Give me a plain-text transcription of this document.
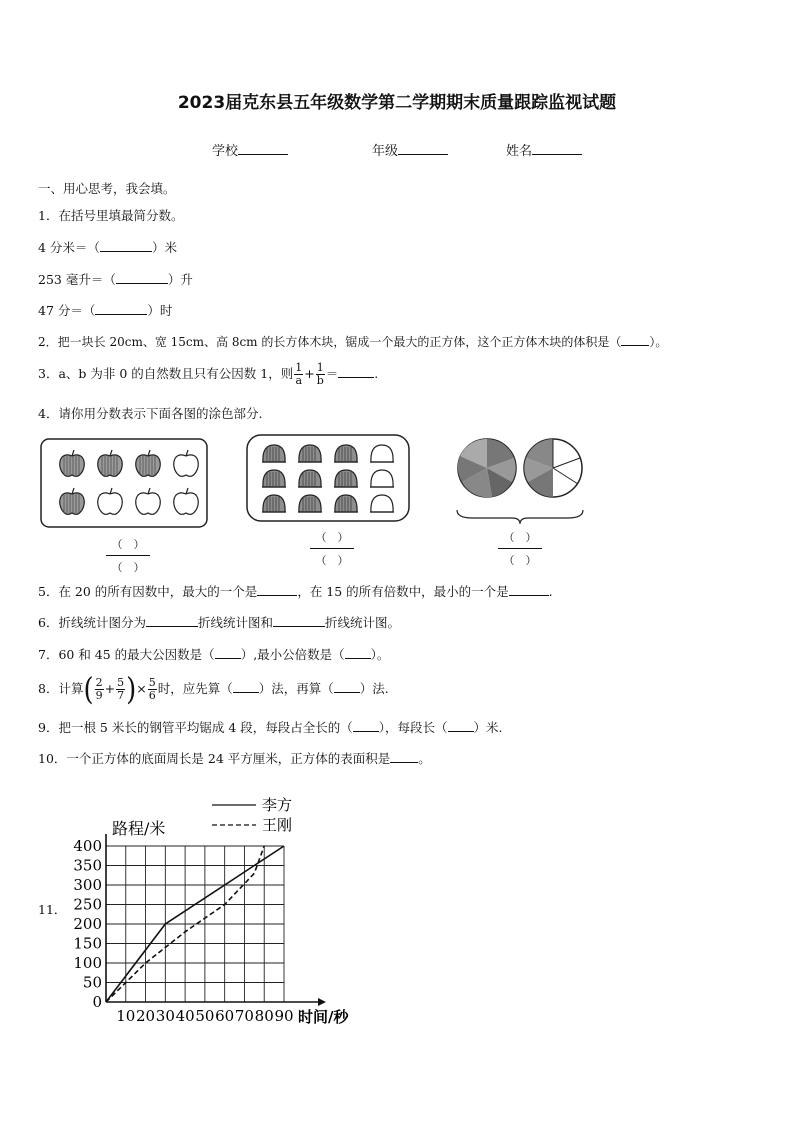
2023届克东县五年级数学第二学期期末质量跟踪监视试题
学校	年级	姓名
一、用心思考，我会填。
1．在括号里填最简分数。
4 分米＝（	）米
253 毫升＝（	）升
47 分＝（	）时
2．把一块长 20cm、宽 15cm、高 8cm 的长方体木块，锯成一个最大的正方体，这个正方体木块的体积是（ ）。
3．a、b 为非 0 的自然数且只有公因数 1，则 $\frac{1}{a} + \frac{1}{b}$ ＝	.
4．请你用分数表示下面各图的涂色部分.
（　）
（　）
（　）
（　）
（　）
（　）
5．在 20 的所有因数中，最大的一个是	，在 15 的所有倍数中，最小的一个是	.
6．折线统计图分为	折线统计图和	折线统计图。
7．60 和 45 的最大公因数是（ ）,最小公倍数是（ ）。
8．计算( $\frac{2}{9} + \frac{5}{7}$ )× $\frac{5}{6}$ 时，应先算（ ）法，再算（ ）法.
9．把一根 5 米长的钢管平均锯成 4 段，每段占全长的（ ），每段长（ ）米.
10．一个正方体的底面周长是 24 平方厘米，正方体的表面积是 。
11．
0
50
100
150
200
250
300
350
400
10 20 30 40 50 60 70 80 90
李方
王刚
路程/米
时间/秒
